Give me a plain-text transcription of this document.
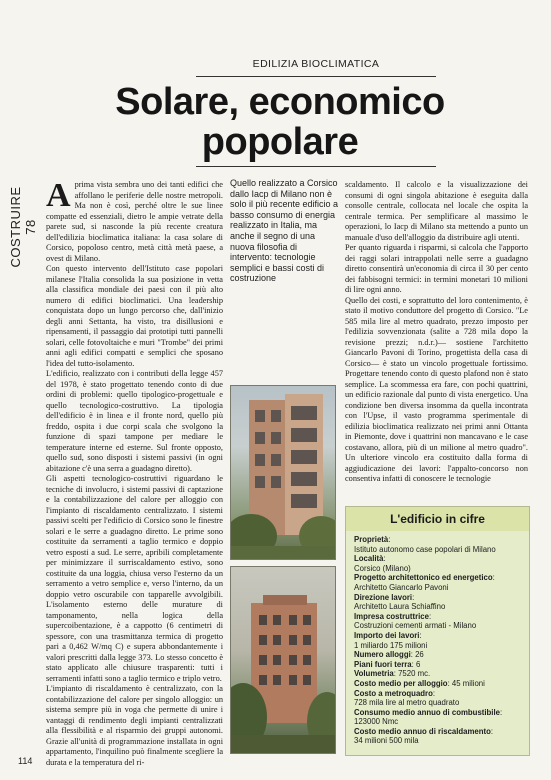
EDILIZIA BIOCLIMATICA
Solare, economico
popolare
COSTRUIRE 78
A prima vista sembra uno dei tanti edifici che affollano le periferie delle nostre metropoli. Ma non è così, perché oltre le sue linee compatte ed essenziali, dietro le ampie vetrate della parete sud, si nasconde la più recente creatura dell'edilizia bioclimatica italiana: la casa solare di Corsico, popoloso centro, metà città metà paese, a ovest di Milano.

Con questo intervento dell'Istituto case popolari milanese l'Italia consolida la sua posizione in vetta alla classifica mondiale dei paesi con il più alto numero di edifici bioclimatici. Una leadership conquistata dopo un lungo percorso che, dall'inizio degli anni Settanta, ha visto, tra disillusioni e ripensamenti, il passaggio dai prototipi tutti pannelli solari, celle fotovoltaiche e muri "Trombe" dei primi anni agli edifici compatti e semplici che sposano l'idea del tutto-isolamento.

L'edificio, realizzato con i contributi della legge 457 del 1978, è stato progettato tenendo conto di due ordini di problemi: quello tipologico-progettuale e quello tecnologico-costruttivo. La tipologia dell'edificio è in linea e il fronte nord, quello più freddo, ospita i due corpi scala che svolgono la funzione di spazi tampone per mediare le temperature interne ed esterne. Sul fronte opposto, quello sud, sono disposti i sistemi passivi (in ogni abitazione c'è una serra a guadagno diretto).

Gli aspetti tecnologico-costruttivi riguardano le tecniche di involucro, i sistemi passivi di captazione e la contabilizzazione del calore per alloggio con l'impianto di riscaldamento centralizzato. I sistemi passivi scelti per l'edificio di Corsico sono le finestre solari e le serre a guadagno diretto. Le prime sono costituite da serramenti a taglio termico e doppio vetro esposti a sud. Le serre, apribili completamente per minimizzare il surriscaldamento estivo, sono costituite da una loggia, chiusa verso l'esterno da un serramento a vetro semplice e, verso l'interno, da un doppio vetro oscurabile con tapparelle avvolgibili. L'isolamento esterno delle murature di tamponamento, nella logica della supercoibentazione, è a cappotto (6 centimetri di spessore, con una trasmittanza termica di progetto pari a 0,462 W/mq C) e supera abbondantemente i valori prescritti dalla legge 373. Lo stesso concetto è stato applicato alle chiusure trasparenti: tutti i serramenti infatti sono a taglio termico e triplo vetro.

L'impianto di riscaldamento è centralizzato, con la contabilizzazione del calore per singolo alloggio: un sistema sempre più in voga che permette di unire i vantaggi di rendimento degli impianti centralizzati alla flessibilità e al risparmio dei gruppi autonomi. Grazie all'unità di programmazione installata in ogni appartamento, l'inquilino può finalmente scegliere la durata e la temperatura del ri-

Quello realizzato a Corsico dallo Iacp di Milano non è solo il più recente edificio a basso consumo di energia realizzato in Italia, ma anche il segno di una nuova filosofia di intervento: tecnologie semplici e bassi costi di costruzione

scaldamento. Il calcolo e la visualizzazione dei consumi di ogni singola abitazione è eseguita dalla consolle centrale, collocata nel locale che ospita la centrale termica. Per semplificare al massimo le operazioni, lo Iacp di Milano sta mettendo a punto un manuale d'uso dell'alloggio da distribuire agli utenti.

Per quanto riguarda i risparmi, si calcola che l'apporto dei raggi solari intrappolati nelle serre a guadagno diretto consentirà un'economia di circa il 30 per cento dei fabbisogni termici: in termini monetari 10 milioni di lire ogni anno.

Quello dei costi, e soprattutto del loro contenimento, è stato il motivo conduttore del progetto di Corsico. "Le 585 mila lire al metro quadrato, prezzo imposto per l'edilizia sovvenzionata (salite a 728 mila dopo la revisione prezzi; n.d.r.)— sostiene l'architetto Giancarlo Pavoni di Torino, progettista della casa di Corsico— è stato un vincolo progettuale fortissimo. Progettare tenendo conto di questo plafond non è stato semplice. La scommessa era fare, con pochi quattrini, un edificio razionale dal punto di vista energetico. Una condizione ben diversa insomma da quella incontrata con l'Upse, il vasto programma sperimentale di edilizia bioclimatica realizzato nei primi anni Ottanta in Piemonte, dove i quattrini non mancavano e le case costavano, allora, più di un milione al metro quadro". Un ulteriore vincolo era costituito dalla forma di aggiudicazione dei lavori: l'appalto-concorso non consentiva infatti di conoscere le tecnologie

L'edificio in cifre
Proprietà:
Istituto autonomo case popolari di Milano
Località:
Corsico (Milano)
Progetto architettonico ed energetico:
Architetto Giancarlo Pavoni
Direzione lavori:
Architetto Laura Schiaffino
Impresa costruttrice:
Costruzioni cementi armati - Milano
Importo dei lavori:
1 miliardo 175 milioni
Numero alloggi: 26
Piani fuori terra: 6
Volumetria: 7520 mc.
Costo medio per alloggio: 45 milioni
Costo a metroquadro:
728 mila lire al metro quadrato
Consumo medio annuo di combustibile: 123000 Nmc
Costo medio annuo di riscaldamento:
34 milioni 500 mila
114
